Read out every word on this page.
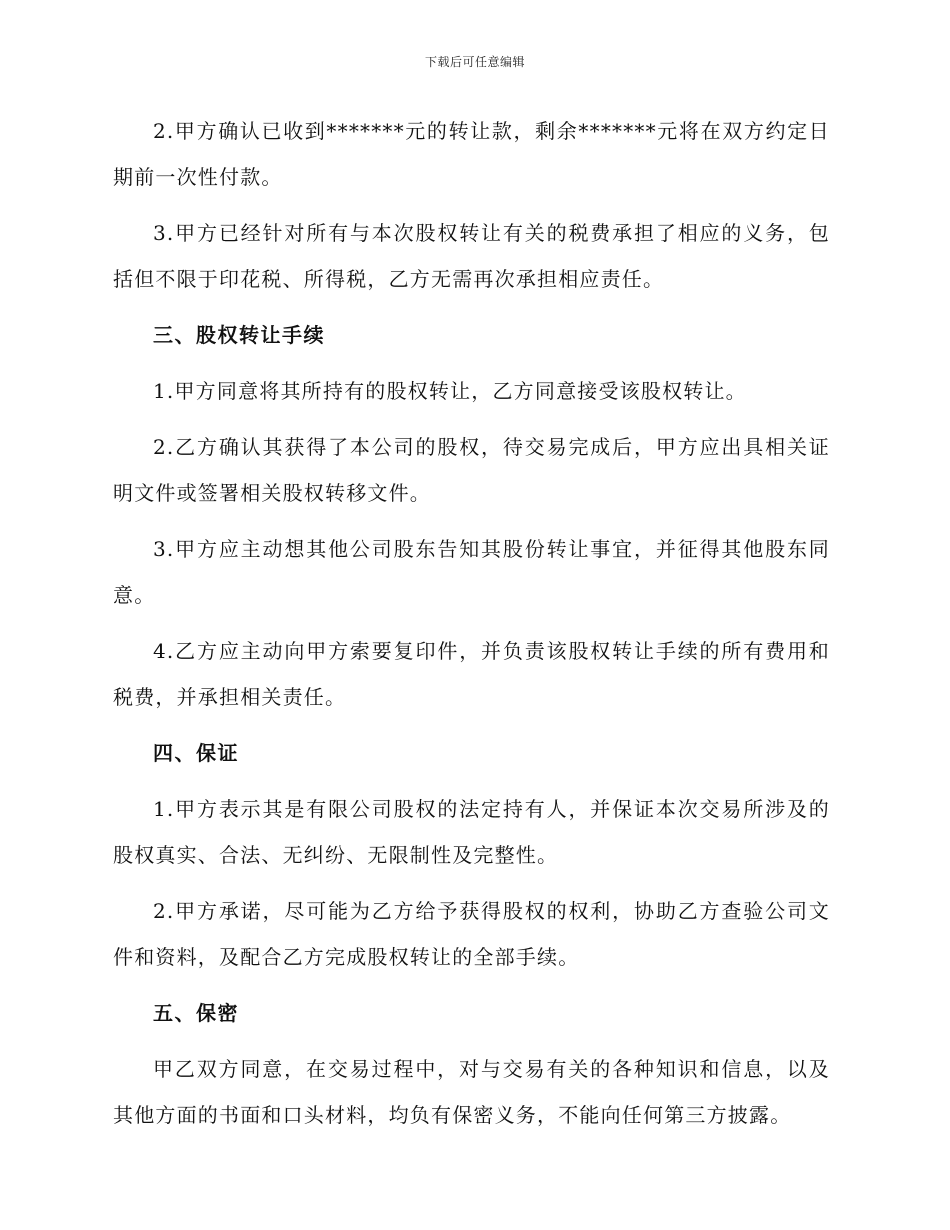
下载后可任意编辑

2.甲方确认已收到*******元的转让款，剩余*******元将在双方约定日期前一次性付款。

3.甲方已经针对所有与本次股权转让有关的税费承担了相应的义务，包括但不限于印花税、所得税，乙方无需再次承担相应责任。

三、股权转让手续

1.甲方同意将其所持有的股权转让，乙方同意接受该股权转让。

2.乙方确认其获得了本公司的股权，待交易完成后，甲方应出具相关证明文件或签署相关股权转移文件。

3.甲方应主动想其他公司股东告知其股份转让事宜，并征得其他股东同意。

4.乙方应主动向甲方索要复印件，并负责该股权转让手续的所有费用和税费，并承担相关责任。

四、保证

1.甲方表示其是有限公司股权的法定持有人，并保证本次交易所涉及的股权真实、合法、无纠纷、无限制性及完整性。

2.甲方承诺，尽可能为乙方给予获得股权的权利，协助乙方查验公司文件和资料，及配合乙方完成股权转让的全部手续。

五、保密

甲乙双方同意，在交易过程中，对与交易有关的各种知识和信息，以及其他方面的书面和口头材料，均负有保密义务，不能向任何第三方披露。
